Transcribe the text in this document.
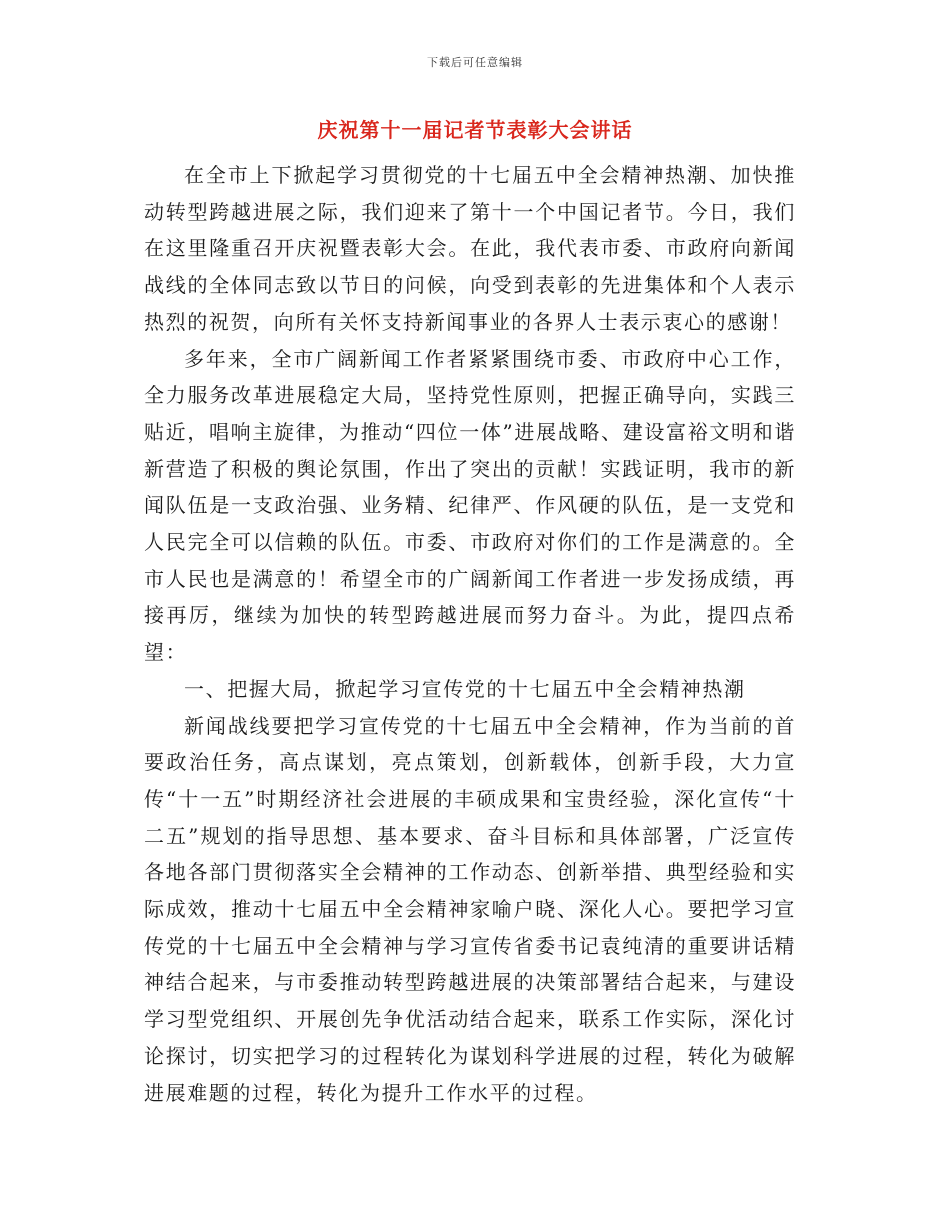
下载后可任意编辑
庆祝第十一届记者节表彰大会讲话

在全市上下掀起学习贯彻党的十七届五中全会精神热潮、加快推动转型跨越进展之际，我们迎来了第十一个中国记者节。今日，我们在这里隆重召开庆祝暨表彰大会。在此，我代表市委、市政府向新闻战线的全体同志致以节日的问候，向受到表彰的先进集体和个人表示热烈的祝贺，向所有关怀支持新闻事业的各界人士表示衷心的感谢！

多年来，全市广阔新闻工作者紧紧围绕市委、市政府中心工作，全力服务改革进展稳定大局，坚持党性原则，把握正确导向，实践三贴近，唱响主旋律，为推动“四位一体”进展战略、建设富裕文明和谐新营造了积极的舆论氛围，作出了突出的贡献！实践证明，我市的新闻队伍是一支政治强、业务精、纪律严、作风硬的队伍，是一支党和人民完全可以信赖的队伍。市委、市政府对你们的工作是满意的。全市人民也是满意的！希望全市的广阔新闻工作者进一步发扬成绩，再接再厉，继续为加快的转型跨越进展而努力奋斗。为此，提四点希望：

一、把握大局，掀起学习宣传党的十七届五中全会精神热潮

新闻战线要把学习宣传党的十七届五中全会精神，作为当前的首要政治任务，高点谋划，亮点策划，创新载体，创新手段，大力宣传“十一五”时期经济社会进展的丰硕成果和宝贵经验，深化宣传“十二五”规划的指导思想、基本要求、奋斗目标和具体部署，广泛宣传各地各部门贯彻落实全会精神的工作动态、创新举措、典型经验和实际成效，推动十七届五中全会精神家喻户晓、深化人心。要把学习宣传党的十七届五中全会精神与学习宣传省委书记袁纯清的重要讲话精神结合起来，与市委推动转型跨越进展的决策部署结合起来，与建设学习型党组织、开展创先争优活动结合起来，联系工作实际，深化讨论探讨，切实把学习的过程转化为谋划科学进展的过程，转化为破解进展难题的过程，转化为提升工作水平的过程。
